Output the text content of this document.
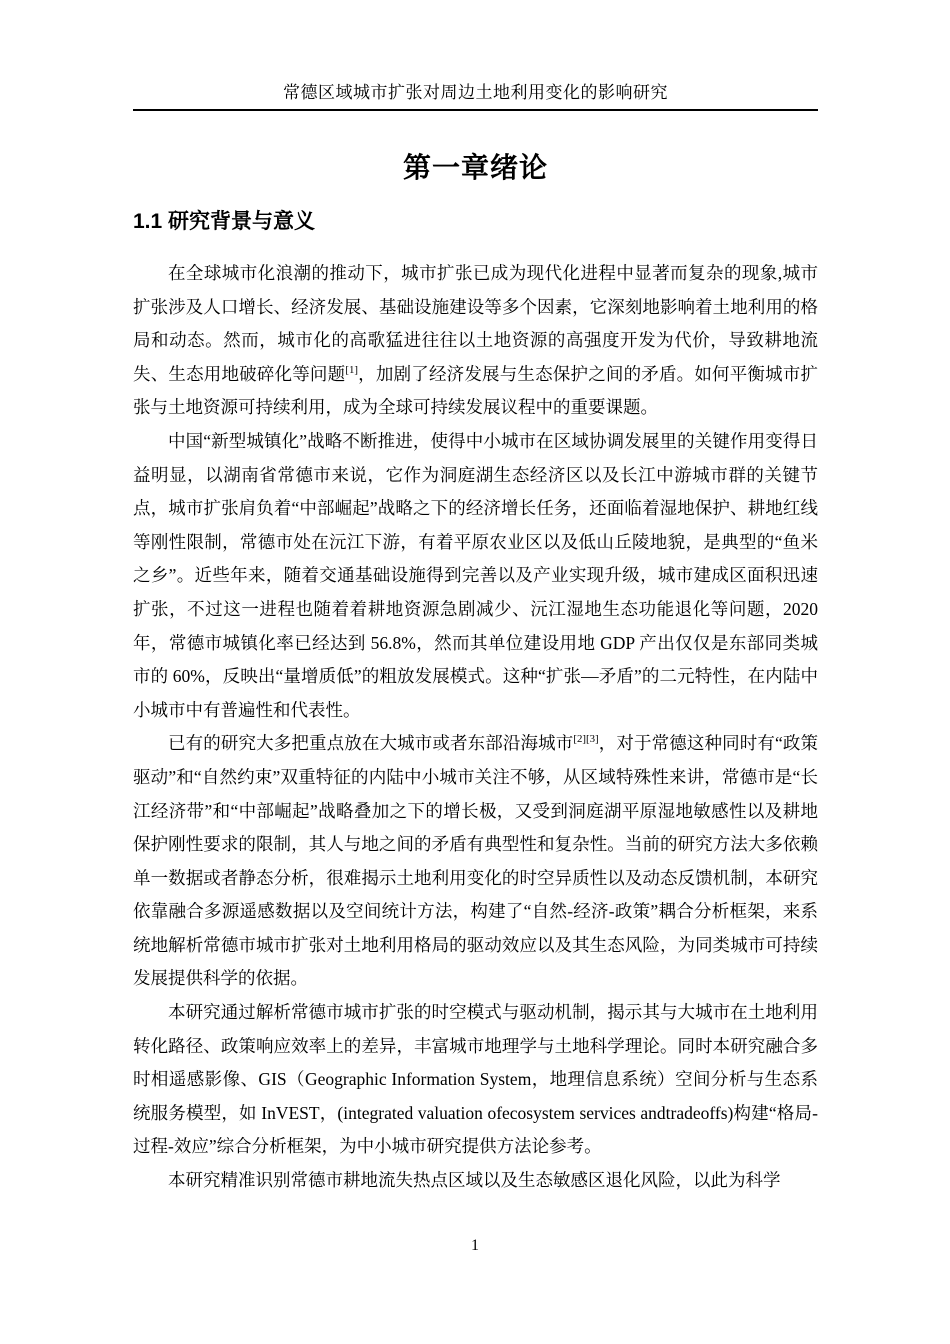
常德区域城市扩张对周边土地利用变化的影响研究
第一章绪论
1.1 研究背景与意义

在全球城市化浪潮的推动下，城市扩张已成为现代化进程中显著而复杂的现象,城市扩张涉及人口增长、经济发展、基础设施建设等多个因素，它深刻地影响着土地利用的格局和动态。然而，城市化的高歌猛进往往以土地资源的高强度开发为代价，导致耕地流失、生态用地破碎化等问题[1]，加剧了经济发展与生态保护之间的矛盾。如何平衡城市扩张与土地资源可持续利用，成为全球可持续发展议程中的重要课题。

中国“新型城镇化”战略不断推进，使得中小城市在区域协调发展里的关键作用变得日益明显，以湖南省常德市来说，它作为洞庭湖生态经济区以及长江中游城市群的关键节点，城市扩张肩负着“中部崛起”战略之下的经济增长任务，还面临着湿地保护、耕地红线等刚性限制，常德市处在沅江下游，有着平原农业区以及低山丘陵地貌，是典型的“鱼米之乡”。近些年来，随着交通基础设施得到完善以及产业实现升级，城市建成区面积迅速扩张，不过这一进程也随着着耕地资源急剧减少、沅江湿地生态功能退化等问题，2020 年，常德市城镇化率已经达到 56.8%，然而其单位建设用地 GDP 产出仅仅是东部同类城市的 60%，反映出“量增质低”的粗放发展模式。这种“扩张—矛盾”的二元特性，在内陆中小城市中有普遍性和代表性。

已有的研究大多把重点放在大城市或者东部沿海城市[2][3]，对于常德这种同时有“政策驱动”和“自然约束”双重特征的内陆中小城市关注不够，从区域特殊性来讲，常德市是“长江经济带”和“中部崛起”战略叠加之下的增长极，又受到洞庭湖平原湿地敏感性以及耕地保护刚性要求的限制，其人与地之间的矛盾有典型性和复杂性。当前的研究方法大多依赖单一数据或者静态分析，很难揭示土地利用变化的时空异质性以及动态反馈机制，本研究依靠融合多源遥感数据以及空间统计方法，构建了“自然-经济-政策”耦合分析框架，来系统地解析常德市城市扩张对土地利用格局的驱动效应以及其生态风险，为同类城市可持续发展提供科学的依据。

本研究通过解析常德市城市扩张的时空模式与驱动机制，揭示其与大城市在土地利用转化路径、政策响应效率上的差异，丰富城市地理学与土地科学理论。同时本研究融合多时相遥感影像、GIS（Geographic Information System，地理信息系统）空间分析与生态系统服务模型，如 InVEST，(integrated valuation ofecosystem services andtradeoffs)构建“格局-过程-效应”综合分析框架，为中小城市研究提供方法论参考。

本研究精准识别常德市耕地流失热点区域以及生态敏感区退化风险，以此为科学

1
